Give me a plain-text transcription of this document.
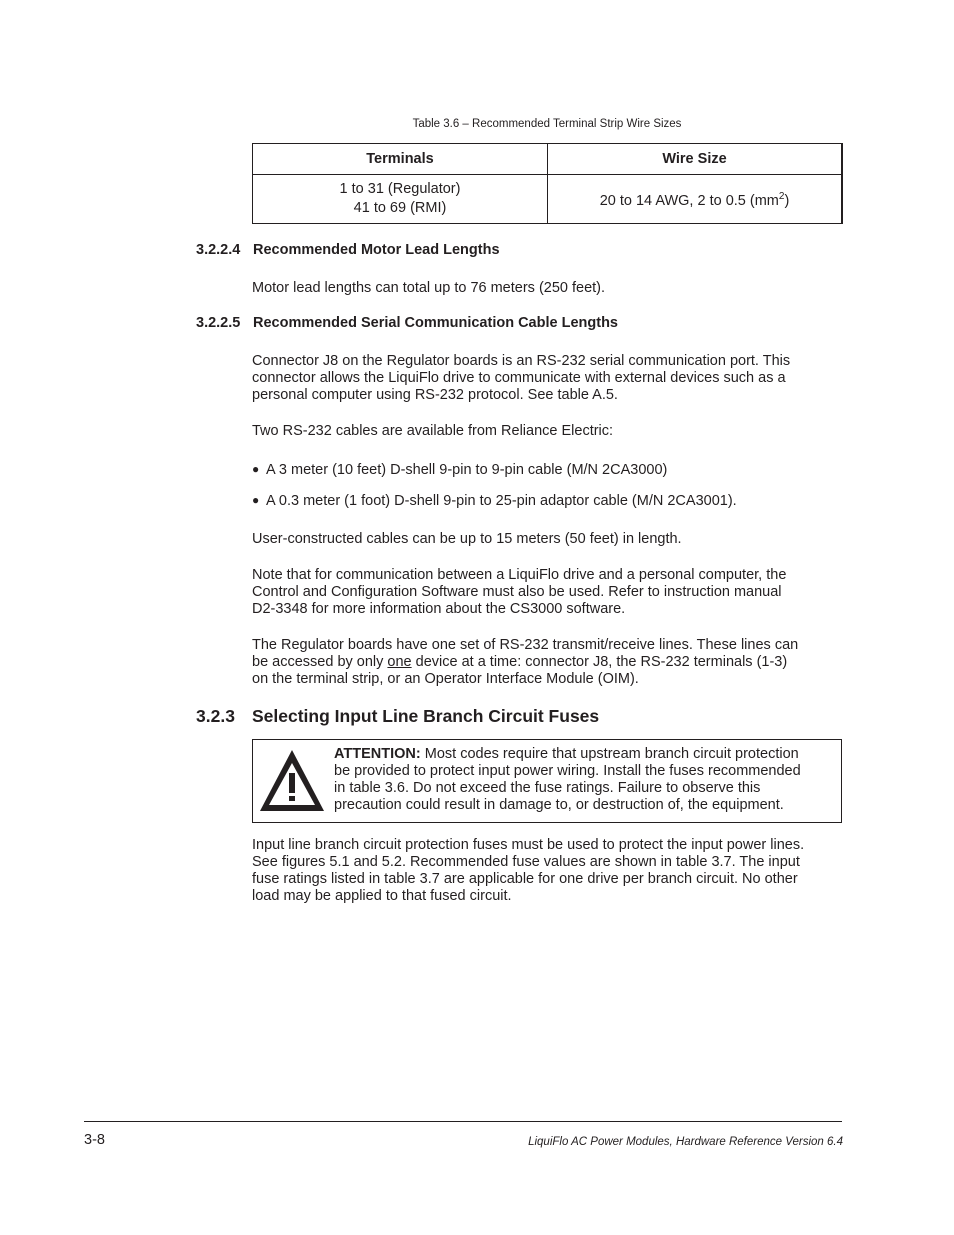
Table 3.6 – Recommended Terminal Strip Wire Sizes
Terminals	Wire Size
1 to 31 (Regulator)
41 to 69 (RMI)	20 to 14 AWG, 2 to 0.5 $(mm^2)$
3.2.2.4 Recommended Motor Lead Lengths
Motor lead lengths can total up to 76 meters (250 feet).
3.2.2.5 Recommended Serial Communication Cable Lengths
Connector J8 on the Regulator boards is an RS-232 serial communication port. This
connector allows the LiquiFlo drive to communicate with external devices such as a
personal computer using RS-232 protocol. See table A.5.
Two RS-232 cables are available from Reliance Electric:
● A 3 meter (10 feet) D-shell 9-pin to 9-pin cable (M/N 2CA3000)
● A 0.3 meter (1 foot) D-shell 9-pin to 25-pin adaptor cable (M/N 2CA3001).
User-constructed cables can be up to 15 meters (50 feet) in length.
Note that for communication between a LiquiFlo drive and a personal computer, the
Control and Configuration Software must also be used. Refer to instruction manual
D2-3348 for more information about the CS3000 software.
The Regulator boards have one set of RS-232 transmit/receive lines. These lines can
be accessed by only one device at a time: connector J8, the RS-232 terminals (1-3)
on the terminal strip, or an Operator Interface Module (OIM).
3.2.3 Selecting Input Line Branch Circuit Fuses
ATTENTION: Most codes require that upstream branch circuit protection
be provided to protect input power wiring. Install the fuses recommended
in table 3.6. Do not exceed the fuse ratings. Failure to observe this
precaution could result in damage to, or destruction of, the equipment.
Input line branch circuit protection fuses must be used to protect the input power lines.
See figures 5.1 and 5.2. Recommended fuse values are shown in table 3.7. The input
fuse ratings listed in table 3.7 are applicable for one drive per branch circuit. No other
load may be applied to that fused circuit.
3-8	LiquiFlo AC Power Modules, Hardware Reference Version 6.4
